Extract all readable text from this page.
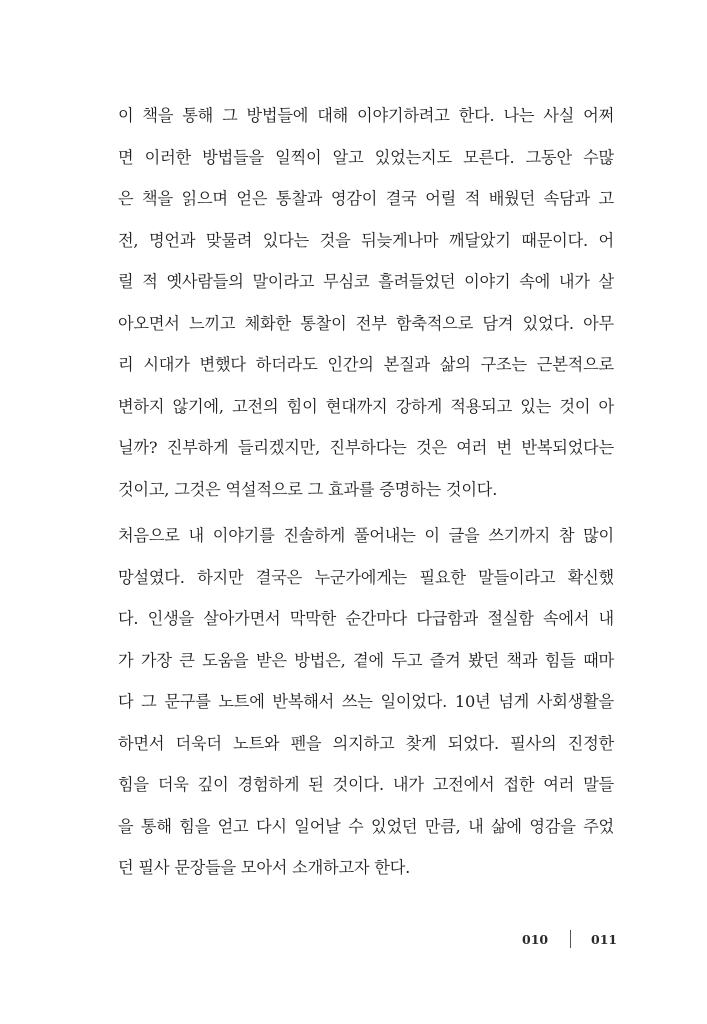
이 책을 통해 그 방법들에 대해 이야기하려고 한다. 나는 사실 어쩌
면 이러한 방법들을 일찍이 알고 있었는지도 모른다. 그동안 수많
은 책을 읽으며 얻은 통찰과 영감이 결국 어릴 적 배웠던 속담과 고
전, 명언과 맞물려 있다는 것을 뒤늦게나마 깨달았기 때문이다. 어
릴 적 옛사람들의 말이라고 무심코 흘려들었던 이야기 속에 내가 살
아오면서 느끼고 체화한 통찰이 전부 함축적으로 담겨 있었다. 아무
리 시대가 변했다 하더라도 인간의 본질과 삶의 구조는 근본적으로
변하지 않기에, 고전의 힘이 현대까지 강하게 적용되고 있는 것이 아
닐까? 진부하게 들리겠지만, 진부하다는 것은 여러 번 반복되었다는
것이고, 그것은 역설적으로 그 효과를 증명하는 것이다.
처음으로 내 이야기를 진솔하게 풀어내는 이 글을 쓰기까지 참 많이
망설였다. 하지만 결국은 누군가에게는 필요한 말들이라고 확신했
다. 인생을 살아가면서 막막한 순간마다 다급함과 절실함 속에서 내
가 가장 큰 도움을 받은 방법은, 곁에 두고 즐겨 봤던 책과 힘들 때마
다 그 문구를 노트에 반복해서 쓰는 일이었다. 10년 넘게 사회생활을
하면서 더욱더 노트와 펜을 의지하고 찾게 되었다. 필사의 진정한
힘을 더욱 깊이 경험하게 된 것이다. 내가 고전에서 접한 여러 말들
을 통해 힘을 얻고 다시 일어날 수 있었던 만큼, 내 삶에 영감을 주었
던 필사 문장들을 모아서 소개하고자 한다.
010	011
